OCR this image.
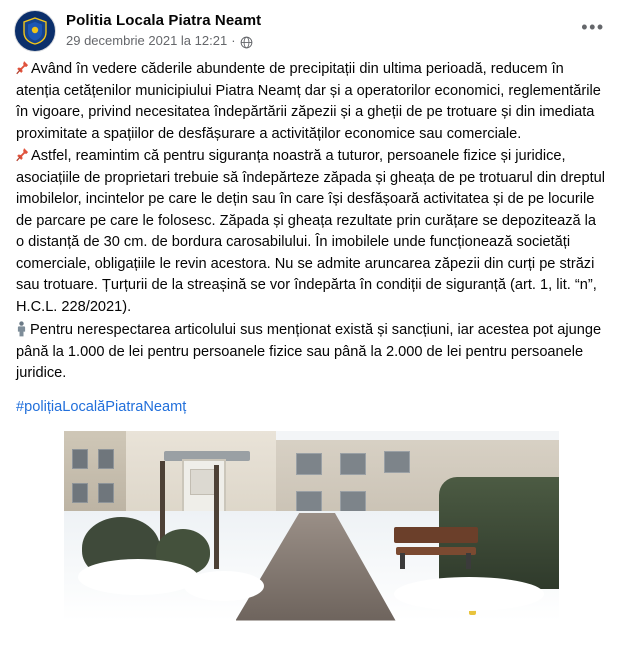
Politia Locala Piatra Neamt
29 decembrie 2021 la 12:21 ·
•••

Având în vedere căderile abundente de precipitații din ultima perioadă, reducem în atenția cetățenilor municipiului Piatra Neamț dar și a operatorilor economici, reglementările în vigoare, privind necesitatea îndepărtării zăpezii și a gheții de pe trotuare și din imediata proximitate a spațiilor de desfășurare a activităților economice sau comerciale.

Astfel, reamintim că pentru siguranța noastră a tuturor, persoanele fizice și juridice, asociațiile de proprietari trebuie să îndepărteze zăpada și gheața de pe trotuarul din dreptul imobilelor, incintelor pe care le dețin sau în care își desfășoară activitatea și de pe locurile de parcare pe care le folosesc. Zăpada și gheața rezultate prin curățare se depozitează la o distanță de 30 cm. de bordura carosabilului. În imobilele unde funcționează societăți comerciale, obligațiile le revin acestora. Nu se admite aruncarea zăpezii din curți pe străzi sau trotuare. Țurțurii de la streașină se vor îndepărta în condiții de siguranță (art. 1, lit. “n”, H.C.L. 228/2021).

Pentru nerespectarea articolului sus menționat există și sancțiuni, iar acestea pot ajunge până la 1.000 de lei pentru persoanele fizice sau până la 2.000 de lei pentru persoanele juridice.

#polițiaLocalăPiatraNeamț
